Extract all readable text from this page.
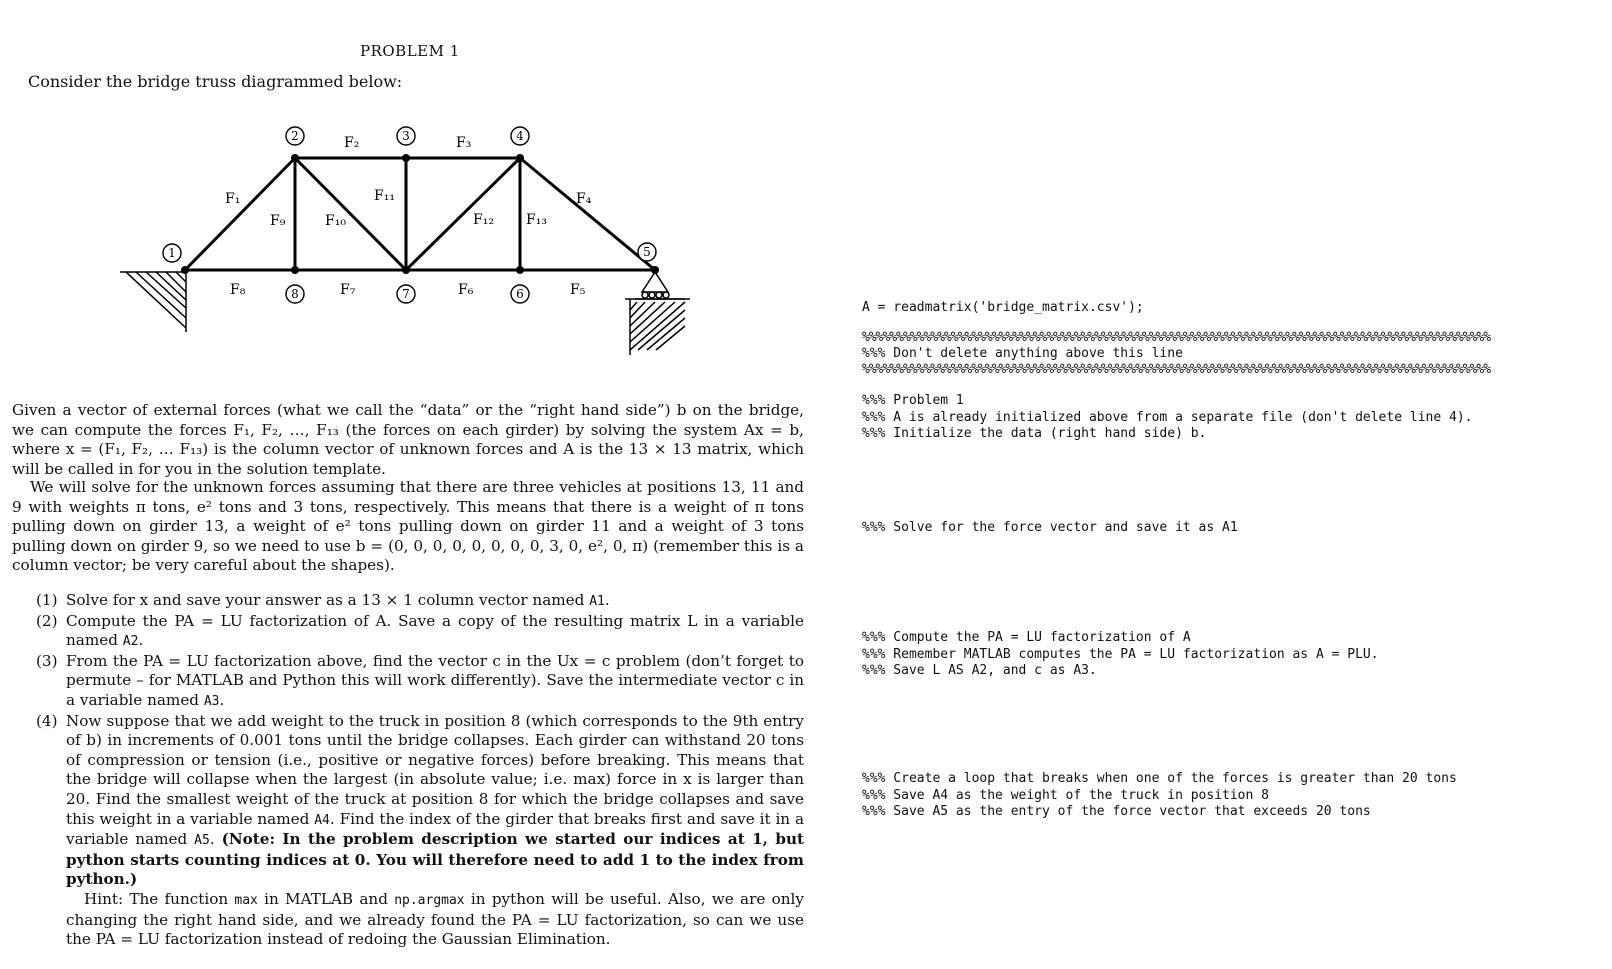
PROBLEM 1
Consider the bridge truss diagrammed below:
1
2	3	4
5
6
7
8
F₁
F₂	F₃
F₄
F₅
F₆
F₇
F₈
F₉	F₁₀
F₁₁
F₁₂ F₁₃
Given a vector of external forces (what we call the “data” or the “right hand side”) b on the bridge, we can compute the forces F₁, F₂, …, F₁₃ (the forces on each girder) by solving the system Ax = b, where x = (F₁, F₂, … F₁₃) is the column vector of unknown forces and A is the 13 × 13 matrix, which will be called in for you in the solution template.
We will solve for the unknown forces assuming that there are three vehicles at positions 13, 11 and 9 with weights π tons, e² tons and 3 tons, respectively. This means that there is a weight of π tons pulling down on girder 13, a weight of e² tons pulling down on girder 11 and a weight of 3 tons pulling down on girder 9, so we need to use b = (0, 0, 0, 0, 0, 0, 0, 0, 3, 0, e², 0, π) (remember this is a column vector; be very careful about the shapes).
(1) Solve for x and save your answer as a 13 × 1 column vector named A1.
(2) Compute the PA = LU factorization of A. Save a copy of the resulting matrix L in a variable named A2.
(3) From the PA = LU factorization above, find the vector c in the Ux = c problem (don’t forget to permute – for MATLAB and Python this will work differently). Save the intermediate vector c in a variable named A3.
(4) Now suppose that we add weight to the truck in position 8 (which corresponds to the 9th entry of b) in increments of 0.001 tons until the bridge collapses. Each girder can withstand 20 tons of compression or tension (i.e., positive or negative forces) before breaking. This means that the bridge will collapse when the largest (in absolute value; i.e. max) force in x is larger than 20. Find the smallest weight of the truck at position 8 for which the bridge collapses and save this weight in a variable named A4. Find the index of the girder that breaks first and save it in a variable named A5. (Note: In the problem description we started our indices at 1, but python starts counting indices at 0. You will therefore need to add 1 to the index from python.)
Hint: The function max in MATLAB and np.argmax in python will be useful. Also, we are only changing the right hand side, and we already found the PA = LU factorization, so can we use the PA = LU factorization instead of redoing the Gaussian Elimination.
A = readmatrix('bridge_matrix.csv');
%%%%%%%%%%%%%%%%%%%%%%%%%%%%%%%%%%%%%%%%%%%%%%%%%%%%%%%%%%%%%%%%%%%%%%%%%%%%%%%%%%%%%%%%%%%%
%%% Don't delete anything above this line
%%%%%%%%%%%%%%%%%%%%%%%%%%%%%%%%%%%%%%%%%%%%%%%%%%%%%%%%%%%%%%%%%%%%%%%%%%%%%%%%%%%%%%%%%%%%
%%% Problem 1
%%% A is already initialized above from a separate file (don't delete line 4).
%%% Initialize the data (right hand side) b.
%%% Solve for the force vector and save it as A1
%%% Compute the PA = LU factorization of A
%%% Remember MATLAB computes the PA = LU factorization as A = PLU.
%%% Save L AS A2, and c as A3.
%%% Create a loop that breaks when one of the forces is greater than 20 tons
%%% Save A4 as the weight of the truck in position 8
%%% Save A5 as the entry of the force vector that exceeds 20 tons
